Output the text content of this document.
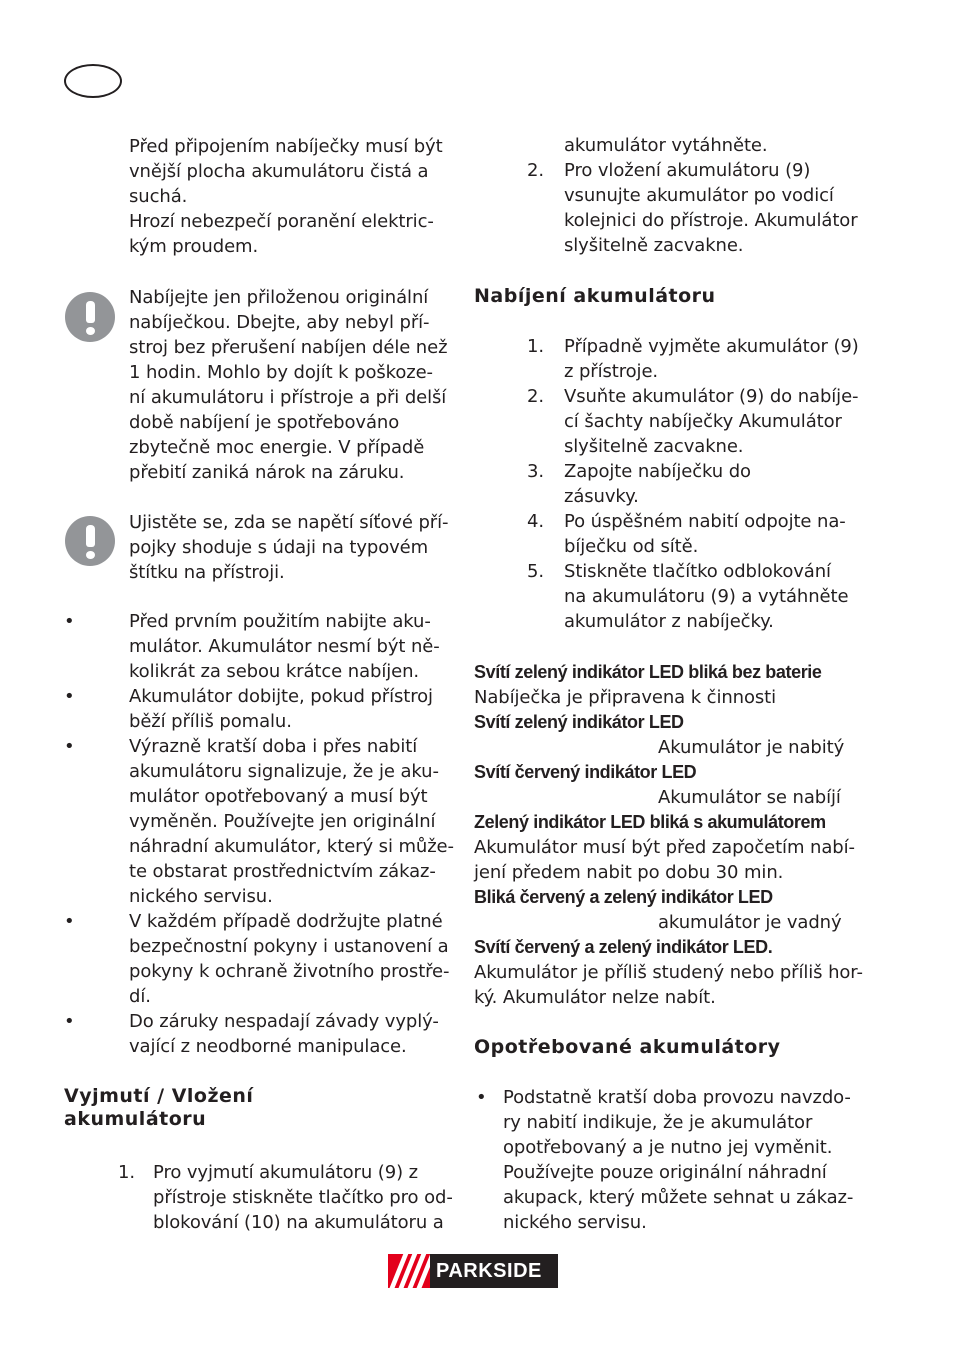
Před připojením nabíječky musí být
vnější plocha akumulátoru čistá a
suchá.
Hrozí nebezpečí poranění elektric-
kým proudem.
Nabíjejte jen přiloženou originální
nabíječkou. Dbejte, aby nebyl pří-
stroj bez přerušení nabíjen déle než
1 hodin. Mohlo by dojít k poškoze-
ní akumulátoru i přístroje a při delší
době nabíjení je spotřebováno
zbytečně moc energie. V případě
přebití zaniká nárok na záruku.
Ujistěte se, zda se napětí síťové pří-
pojky shoduje s údaji na typovém
štítku na přístroji.
•	Před prvním použitím nabijte aku-
mulátor. Akumulátor nesmí být ně-
kolikrát za sebou krátce nabíjen.
•	Akumulátor dobijte, pokud přístroj
běží příliš pomalu.
•	Výrazně kratší doba i přes nabití
akumulátoru signalizuje, že je aku-
mulátor opotřebovaný a musí být
vyměněn. Používejte jen originální
náhradní akumulátor, který si může-
te obstarat prostřednictvím zákaz-
nického servisu.
•	V každém případě dodržujte platné
bezpečnostní pokyny i ustanovení a
pokyny k ochraně životního prostře-
dí.
•	Do záruky nespadají závady vyplý-
vající z neodborné manipulace.
Vyjmutí / Vložení
akumulátoru
1. Pro vyjmutí akumulátoru (9) z
přístroje stiskněte tlačítko pro od-
blokování (10) na akumulátoru a
akumulátor vytáhněte.
2. Pro vložení akumulátoru (9)
vsunujte akumulátor po vodicí
kolejnici do přístroje. Akumulátor
slyšitelně zacvakne.
Nabíjení akumulátoru
1. Případně vyjměte akumulátor (9)
z přístroje.
2. Vsuňte akumulátor (9) do nabíje-
cí šachty nabíječky Akumulátor
slyšitelně zacvakne.
3. Zapojte nabíječku do
zásuvky.
4. Po úspěšném nabití odpojte na-
bíječku od sítě.
5. Stiskněte tlačítko odblokování
na akumulátoru (9) a vytáhněte
akumulátor z nabíječky.
Svítí zelený indikátor LED bliká bez baterie
Nabíječka je připravena k činnosti
Svítí zelený indikátor LED
Akumulátor je nabitý
Svítí červený indikátor LED
Akumulátor se nabíjí
Zelený indikátor LED bliká s akumulátorem
Akumulátor musí být před započetím nabí-
jení předem nabit po dobu 30 min.
Bliká červený a zelený indikátor LED
akumulátor je vadný
Svítí červený a zelený indikátor LED.
Akumulátor je příliš studený nebo příliš hor-
ký. Akumulátor nelze nabít.
Opotřebované akumulátory
• Podstatně kratší doba provozu navzdo-
ry nabití indikuje, že je akumulátor
opotřebovaný a je nutno jej vyměnit.
Používejte pouze originální náhradní
akupack, který můžete sehnat u zákaz-
nického servisu.
PARKSIDE
